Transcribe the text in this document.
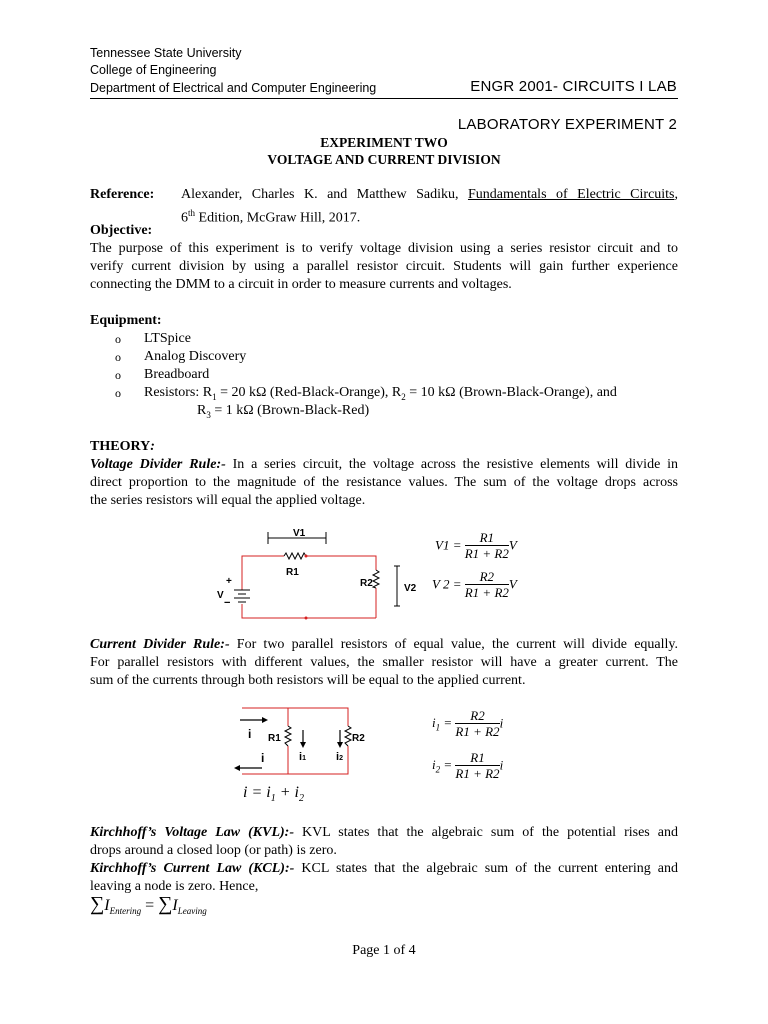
Tennessee State University
College of Engineering
Department of Electrical and Computer Engineering	ENGR 2001- CIRCUITS I LAB
LABORATORY EXPERIMENT 2
EXPERIMENT TWO
VOLTAGE AND CURRENT DIVISION
Reference: Alexander, Charles K. and Matthew Sadiku, Fundamentals of Electric Circuits,
6th Edition, McGraw Hill, 2017.
Objective:
The purpose of this experiment is to verify voltage division using a series resistor circuit and to
verify current division by using a parallel resistor circuit. Students will gain further experience
connecting the DMM to a circuit in order to measure currents and voltages.
Equipment:
o LTSpice
o Analog Discovery
o Breadboard
o Resistors: $R_1 = 20$ kΩ (Red-Black-Orange), $R_2 = 10$ kΩ (Brown-Black-Orange), and
$R_3 = 1$ kΩ (Brown-Black-Red)
THEORY:
Voltage Divider Rule:- In a series circuit, the voltage across the resistive elements will divide in
direct proportion to the magnitude of the resistance values. The sum of the voltage drops across
the series resistors will equal the applied voltage.
V1
R1
R2	V2
+
V
−
$V1 = \frac{R1}{R1 + R2}$ V
V $2 = \frac{R2}{R1 + R2}$ V
Current Divider Rule:- For two parallel resistors of equal value, the current will divide equally.
For parallel resistors with different values, the smaller resistor will have a greater current. The
sum of the currents through both resistors will be equal to the applied current.
R1	R2
i
i	i1	i2
$i = i_1 + i_2$
$i_1 = \frac{R2}{R1 + R2}$ i
$i_2 = \frac{R1}{R1 + R2}$ i
Kirchhoff’s Voltage Law (KVL):- KVL states that the algebraic sum of the potential rises and
drops around a closed loop (or path) is zero.
Kirchhoff’s Current Law (KCL):- KCL states that the algebraic sum of the current entering and
leaving a node is zero. Hence,
$\sum I_{Entering} = \sum I_{Leaving}$
Page 1 of 4
